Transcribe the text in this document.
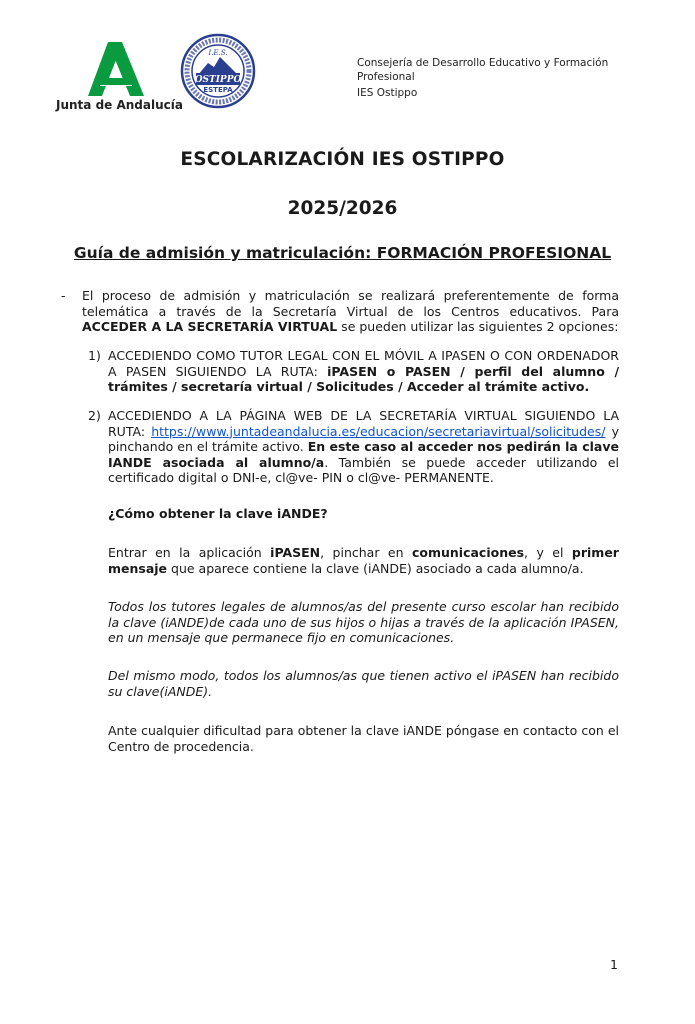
Junta de Andalucía
I.E.S.
OSTIPPO
ESTEPA
Consejería de Desarrollo Educativo y Formación Profesional
IES Ostippo
ESCOLARIZACIÓN IES OSTIPPO
2025/2026
Guía de admisión y matriculación: FORMACIÓN PROFESIONAL
- El proceso de admisión y matriculación se realizará preferentemente de forma telemática a través de la Secretaría Virtual de los Centros educativos. Para ACCEDER A LA SECRETARÍA VIRTUAL se pueden utilizar las siguientes 2 opciones:
1) ACCEDIENDO COMO TUTOR LEGAL CON EL MÓVIL A IPASEN O CON ORDENADOR A PASEN SIGUIENDO LA RUTA: iPASEN o PASEN / perfil del alumno / trámites / secretaría virtual / Solicitudes / Acceder al trámite activo.
2) ACCEDIENDO A LA PÁGINA WEB DE LA SECRETARÍA VIRTUAL SIGUIENDO LA RUTA: https://www.juntadeandalucia.es/educacion/secretariavirtual/solicitudes/ y pinchando en el trámite activo. En este caso al acceder nos pedirán la clave IANDE asociada al alumno/a. También se puede acceder utilizando el certificado digital o DNI-e, cl@ve- PIN o cl@ve- PERMANENTE.
¿Cómo obtener la clave iANDE?
Entrar en la aplicación iPASEN, pinchar en comunicaciones, y el primer mensaje que aparece contiene la clave (iANDE) asociado a cada alumno/a.
Todos los tutores legales de alumnos/as del presente curso escolar han recibido la clave (iANDE)de cada uno de sus hijos o hijas a través de la aplicación IPASEN, en un mensaje que permanece fijo en comunicaciones.
Del mismo modo, todos los alumnos/as que tienen activo el iPASEN han recibido su clave(iANDE).
Ante cualquier dificultad para obtener la clave iANDE póngase en contacto con el Centro de procedencia.
1
